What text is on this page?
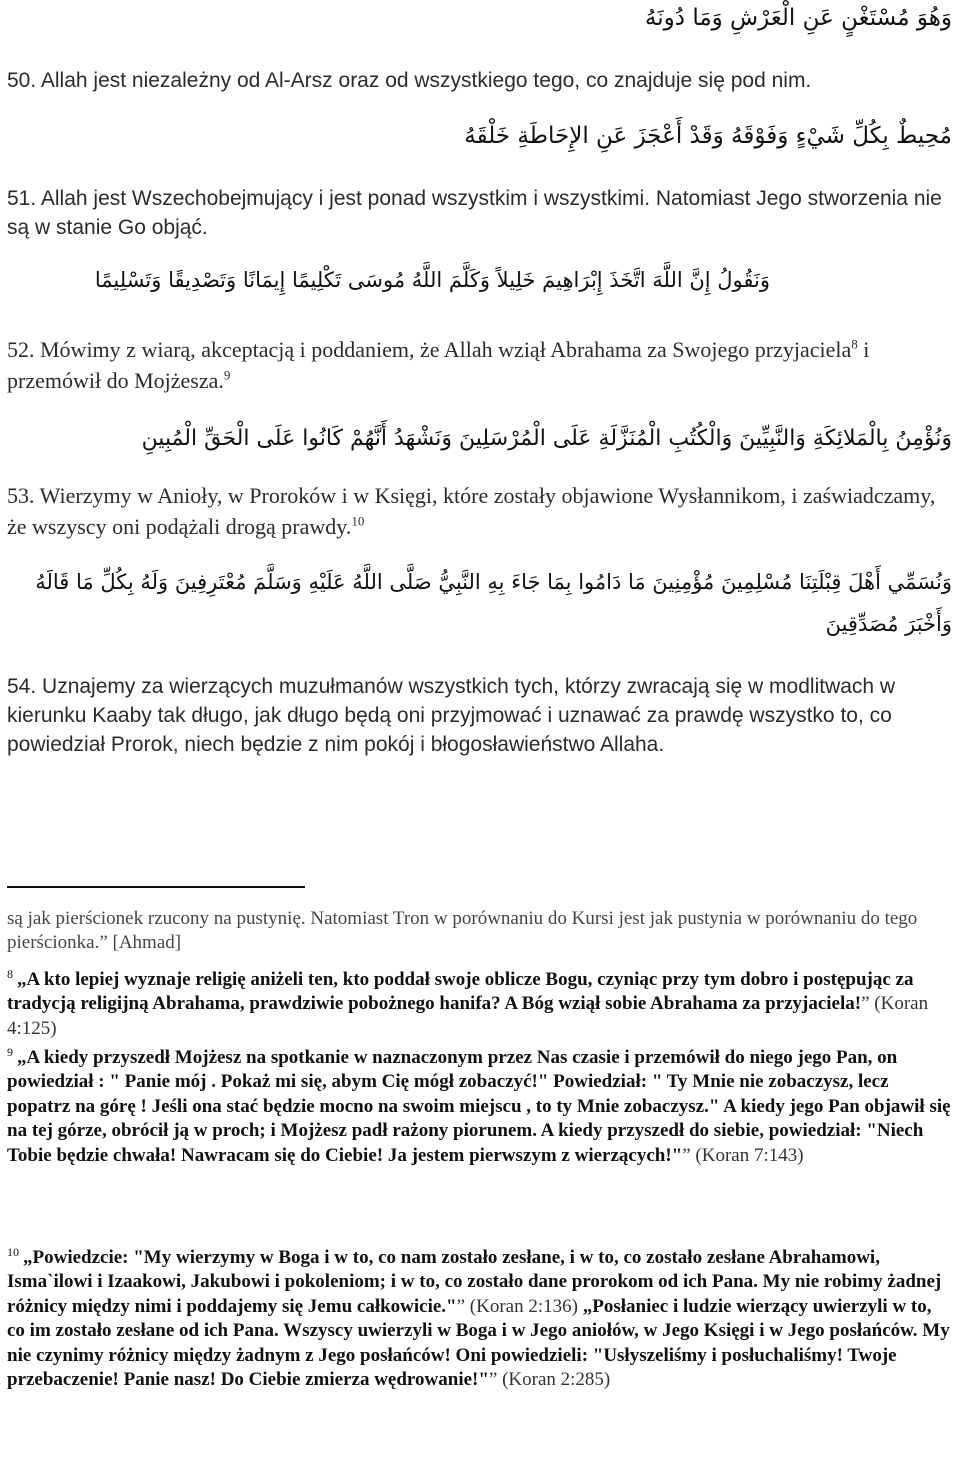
وَهُوَ مُسْتَغْنٍ عَنِ الْعَرْشِ وَمَا دُونَهُ
50. Allah jest niezależny od Al-Arsz oraz od wszystkiego tego, co znajduje się pod nim.
مُحِيطٌ بِكُلِّ شَيْءٍ وَفَوْقَهُ وَقَدْ أَعْجَزَ عَنِ الإِحَاطَةِ خَلْقَهُ
51. Allah jest Wszechobejmujący i jest ponad wszystkim i wszystkimi. Natomiast Jego stworzenia nie są w stanie Go objąć.
وَنَقُولُ إِنَّ اللَّهَ اتَّخَذَ إِبْرَاهِيمَ خَلِيلاً وَكَلَّمَ اللَّهُ مُوسَى تَكْلِيمًا إِيمَانًا وَتَصْدِيقًا وَتَسْلِيمًا
52. Mówimy z wiarą, akceptacją i poddaniem, że Allah wziął Abrahama za Swojego przyjaciela$^8$ i przemówił do Mojżesza.$^9$
وَنُؤْمِنُ بِالْمَلائِكَةِ وَالنَّبِيِّينَ وَالْكُتُبِ الْمُنَزَّلَةِ عَلَى الْمُرْسَلِينَ وَنَشْهَدُ أَنَّهُمْ كَانُوا عَلَى الْحَقِّ الْمُبِينِ
53. Wierzymy w Anioły, w Proroków i w Księgi, które zostały objawione Wysłannikom, i zaświadczamy, że wszyscy oni podążali drogą prawdy.$^{10}$
وَنُسَمِّي أَهْلَ قِبْلَتِنَا مُسْلِمِينَ مُؤْمِنِينَ مَا دَامُوا بِمَا جَاءَ بِهِ النَّبِيُّ صَلَّى اللَّهُ عَلَيْهِ وَسَلَّمَ مُعْتَرِفِينَ وَلَهُ بِكُلِّ مَا قَالَهُ
وَأَخْبَرَ مُصَدِّقِينَ
54. Uznajemy za wierzących muzułmanów wszystkich tych, którzy zwracają się w modlitwach w kierunku Kaaby tak długo, jak długo będą oni przyjmować i uznawać za prawdę wszystko to, co powiedział Prorok, niech będzie z nim pokój i błogosławieństwo Allaha.
są jak pierścionek rzucony na pustynię. Natomiast Tron w porównaniu do Kursi jest jak pustynia w porównaniu do tego pierścionka.” [Ahmad]
$^8$ „A kto lepiej wyznaje religię aniżeli ten, kto poddał swoje oblicze Bogu, czyniąc przy tym dobro i postępując za tradycją religijną Abrahama, prawdziwie pobożnego hanifa? A Bóg wziął sobie Abrahama za przyjaciela!” (Koran 4:125)
$^9$ „A kiedy przyszedł Mojżesz na spotkanie w naznaczonym przez Nas czasie i przemówił do niego jego Pan, on powiedział : " Panie mój . Pokaż mi się, abym Cię mógł zobaczyć!" Powiedział: " Ty Mnie nie zobaczysz, lecz popatrz na górę ! Jeśli ona stać będzie mocno na swoim miejscu , to ty Mnie zobaczysz." A kiedy jego Pan objawił się na tej górze, obrócił ją w proch; i Mojżesz padł rażony piorunem. A kiedy przyszedł do siebie, powiedział: "Niech Tobie będzie chwała! Nawracam się do Ciebie! Ja jestem pierwszym z wierzących!"” (Koran 7:143)
$^{10}$ „Powiedzcie: "My wierzymy w Boga i w to, co nam zostało zesłane, i w to, co zostało zesłane Abrahamowi, Isma`ilowi i Izaakowi, Jakubowi i pokoleniom; i w to, co zostało dane prorokom od ich Pana. My nie robimy żadnej różnicy między nimi i poddajemy się Jemu całkowicie."” (Koran 2:136) „Posłaniec i ludzie wierzący uwierzyli w to, co im zostało zesłane od ich Pana. Wszyscy uwierzyli w Boga i w Jego aniołów, w Jego Księgi i w Jego posłańców. My nie czynimy różnicy między żadnym z Jego posłańców! Oni powiedzieli: "Usłyszeliśmy i posłuchaliśmy! Twoje przebaczenie! Panie nasz! Do Ciebie zmierza wędrowanie!"” (Koran 2:285)
